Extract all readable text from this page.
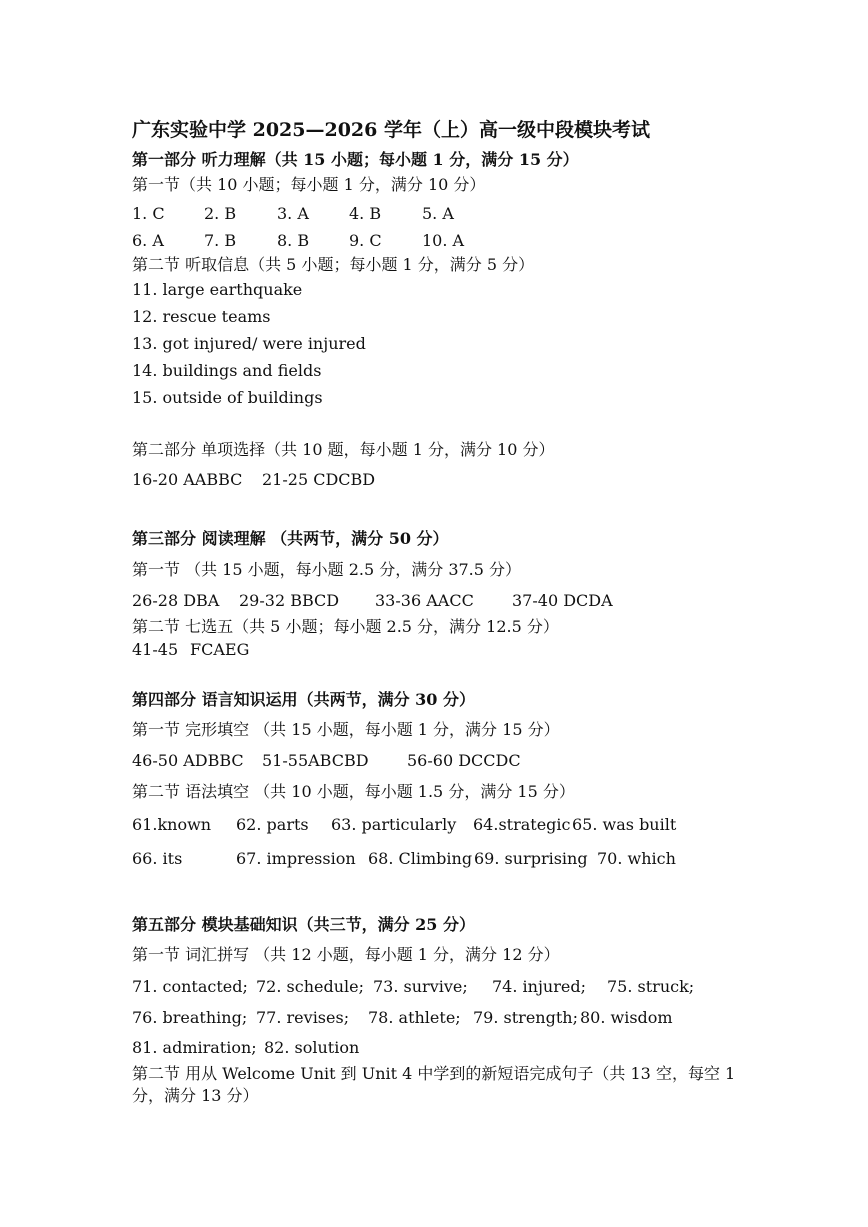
广东实验中学 2025—2026 学年（上）高一级中段模块考试
第一部分 听力理解（共 15 小题；每小题 1 分，满分 15 分）
第一节（共 10 小题；每小题 1 分，满分 10 分）
1. C 2. B	3. A	4. B	5. A
6. A	7. B	8. B 9. C	10. A
第二节 听取信息（共 5 小题；每小题 1 分，满分 5 分）
11. large earthquake
12. rescue teams
13. got injured/ were injured
14. buildings and fields
15. outside of buildings
第二部分 单项选择（共 10 题，每小题 1 分，满分 10 分）
16-20 AABBC 21-25 CDCBD
第三部分 阅读理解 （共两节，满分 50 分）
第一节 （共 15 小题，每小题 2.5 分，满分 37.5 分）
26-28 DBA 29-32 BBCD 33-36 AACC 37-40 DCDA
第二节 七选五（共 5 小题；每小题 2.5 分，满分 12.5 分）
41-45 FCAEG
第四部分 语言知识运用（共两节，满分 30 分）
第一节 完形填空 （共 15 小题，每小题 1 分，满分 15 分）
46-50 ADBBC 51-55ABCBD 56-60 DCCDC
第二节 语法填空 （共 10 小题，每小题 1.5 分，满分 15 分）
61.known 62. parts 63. particularly 64.strategic 65. was built
66. its	67. impression 68. Climbing 69. surprising 70. which
第五部分 模块基础知识（共三节，满分 25 分）
第一节 词汇拼写 （共 12 小题，每小题 1 分，满分 12 分）
71. contacted; 72. schedule; 73. survive; 74. injured; 75. struck;
76. breathing; 77. revises; 78. athlete; 79. strength; 80. wisdom
81. admiration; 82. solution
第二节 用从 Welcome Unit 到 Unit 4 中学到的新短语完成句子（共 13 空，每空 1 分，满分 13 分）
